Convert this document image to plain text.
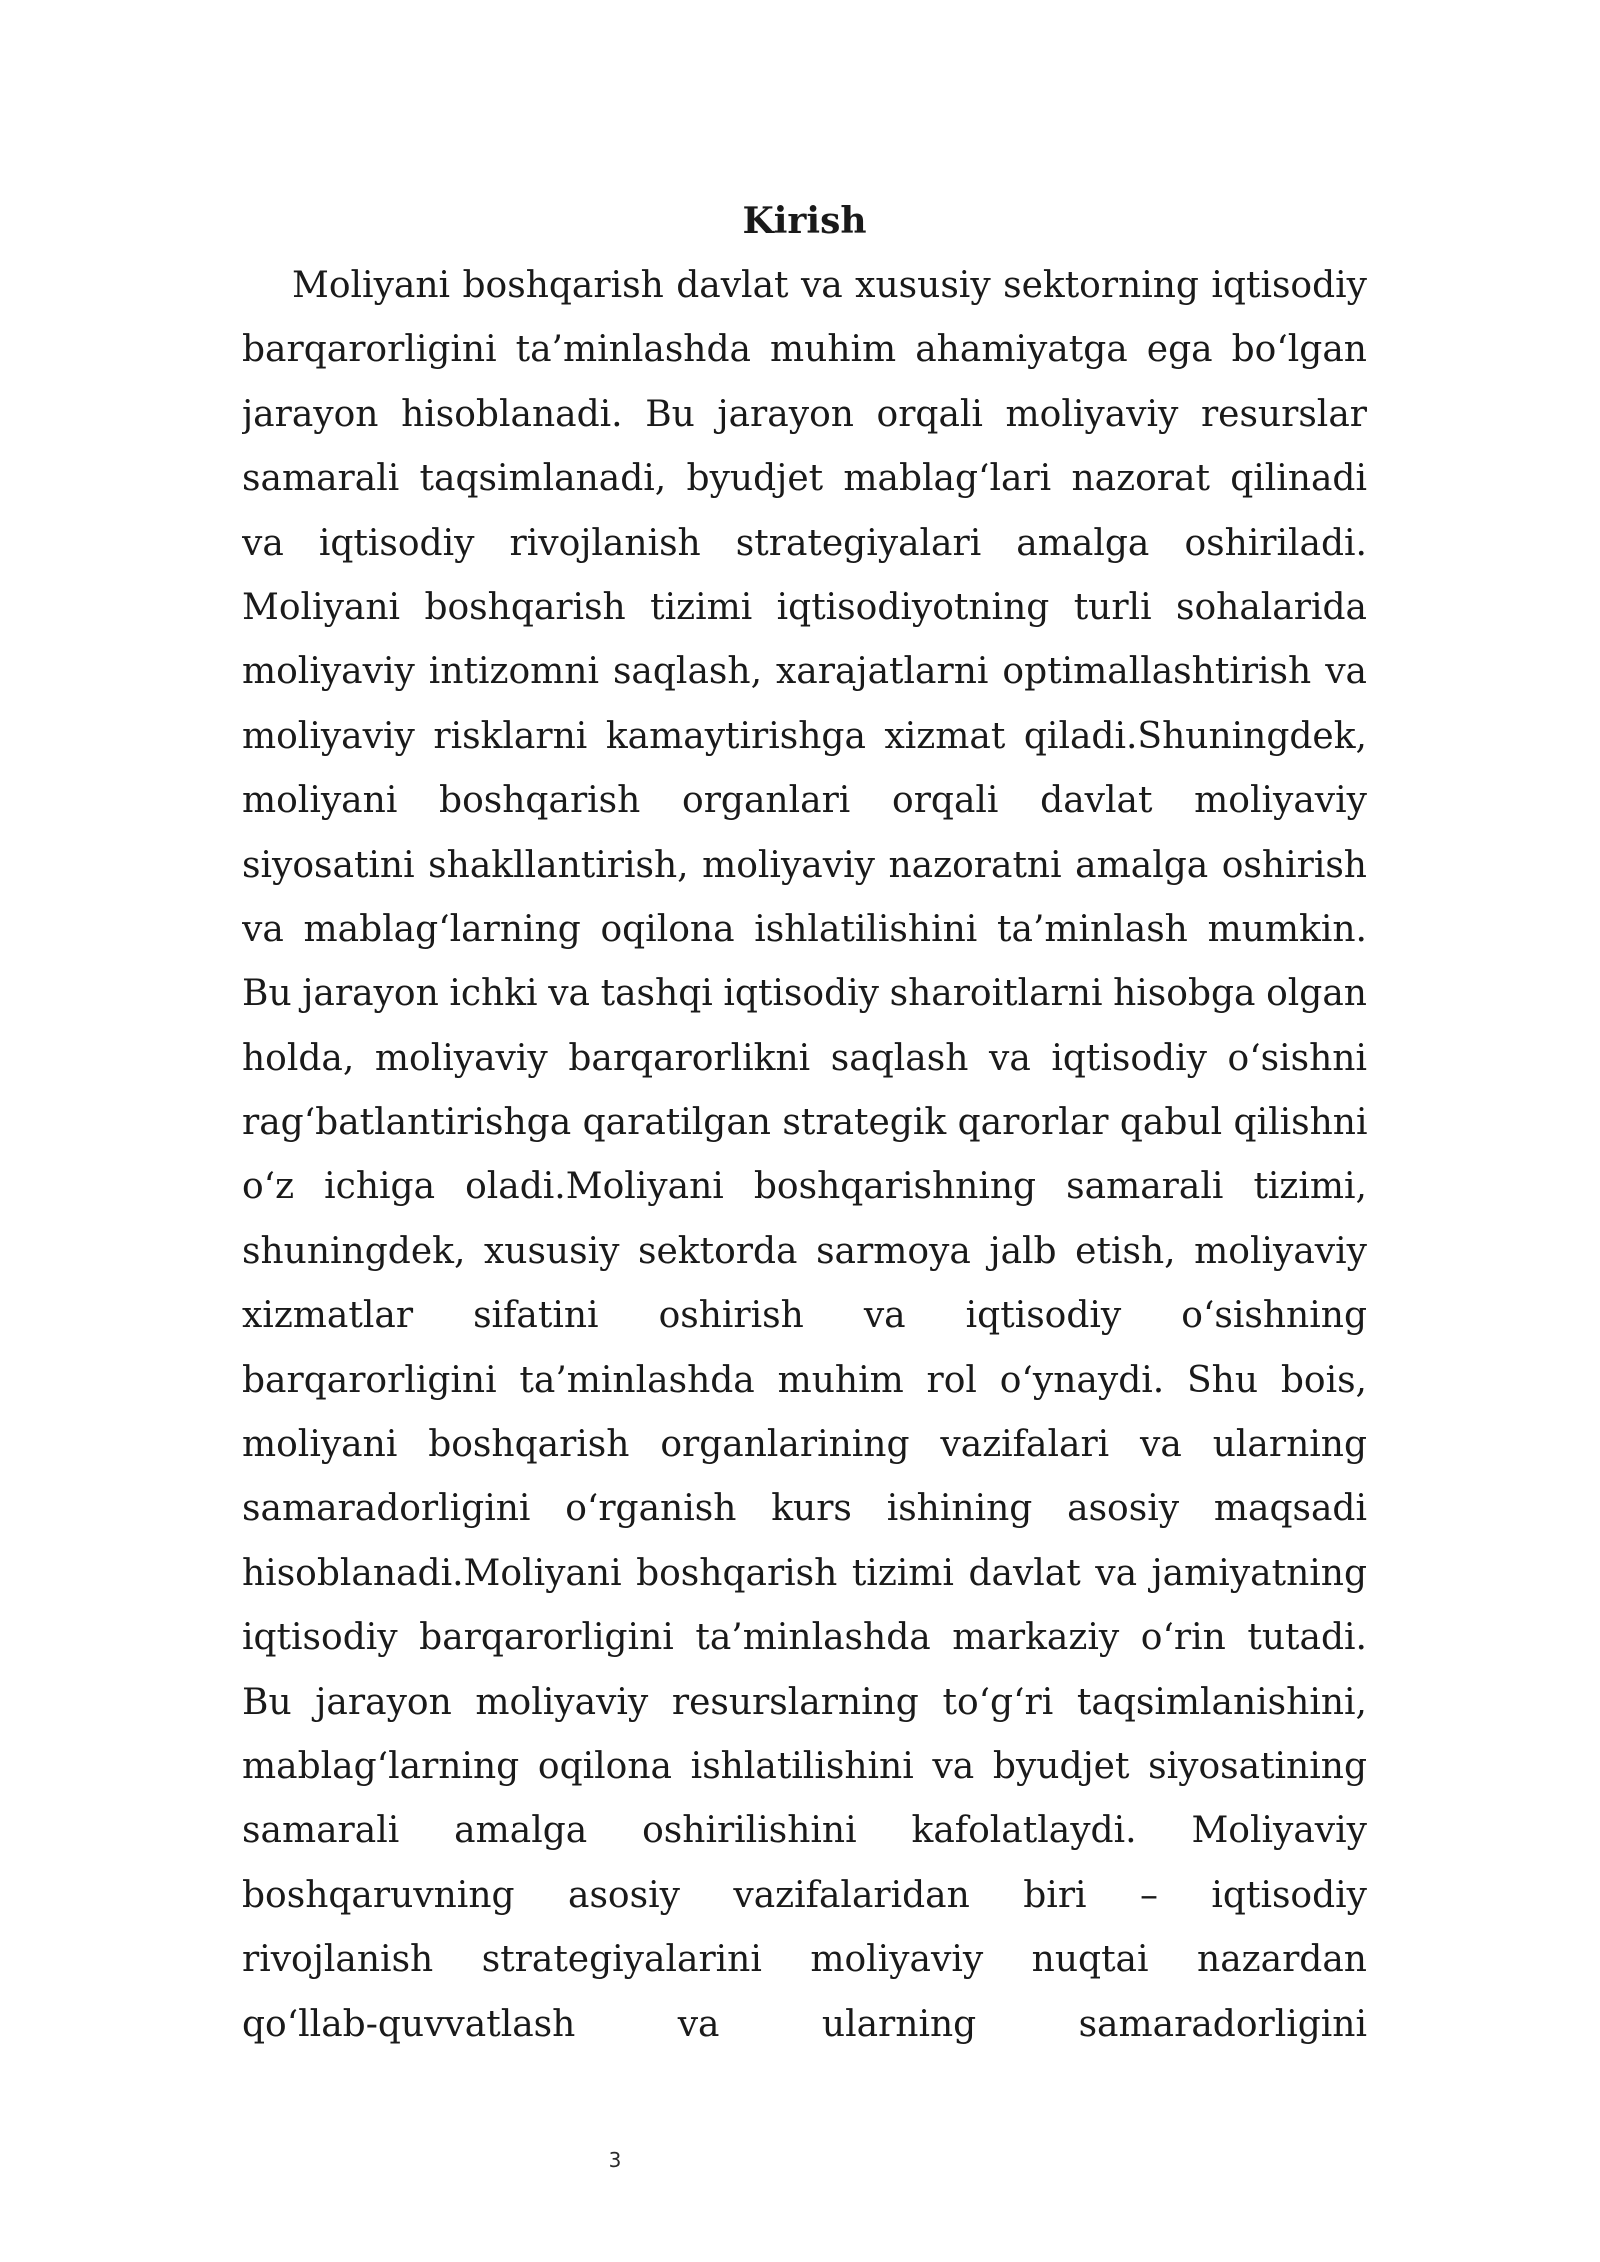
Kirish
Moliyani boshqarish davlat va xususiy sektorning iqtisodiy
barqarorligini ta’minlashda muhim ahamiyatga ega bo‘lgan
jarayon hisoblanadi. Bu jarayon orqali moliyaviy resurslar
samarali taqsimlanadi, byudjet mablag‘lari nazorat qilinadi
va iqtisodiy rivojlanish strategiyalari amalga oshiriladi.
Moliyani boshqarish tizimi iqtisodiyotning turli sohalarida
moliyaviy intizomni saqlash, xarajatlarni optimallashtirish va
moliyaviy risklarni kamaytirishga xizmat qiladi.Shuningdek,
moliyani boshqarish organlari orqali davlat moliyaviy
siyosatini shakllantirish, moliyaviy nazoratni amalga oshirish
va mablag‘larning oqilona ishlatilishini ta’minlash mumkin.
Bu jarayon ichki va tashqi iqtisodiy sharoitlarni hisobga olgan
holda, moliyaviy barqarorlikni saqlash va iqtisodiy o‘sishni
rag‘batlantirishga qaratilgan strategik qarorlar qabul qilishni
o‘z ichiga oladi.Moliyani boshqarishning samarali tizimi,
shuningdek, xususiy sektorda sarmoya jalb etish, moliyaviy
xizmatlar sifatini oshirish va iqtisodiy o‘sishning
barqarorligini ta’minlashda muhim rol o‘ynaydi. Shu bois,
moliyani boshqarish organlarining vazifalari va ularning
samaradorligini o‘rganish kurs ishining asosiy maqsadi
hisoblanadi.Moliyani boshqarish tizimi davlat va jamiyatning
iqtisodiy barqarorligini ta’minlashda markaziy o‘rin tutadi.
Bu jarayon moliyaviy resurslarning to‘g‘ri taqsimlanishini,
mablag‘larning oqilona ishlatilishini va byudjet siyosatining
samarali amalga oshirilishini kafolatlaydi. Moliyaviy
boshqaruvning asosiy vazifalaridan biri – iqtisodiy
rivojlanish strategiyalarini moliyaviy nuqtai nazardan
qo‘llab-quvvatlash va ularning samaradorligini
3
